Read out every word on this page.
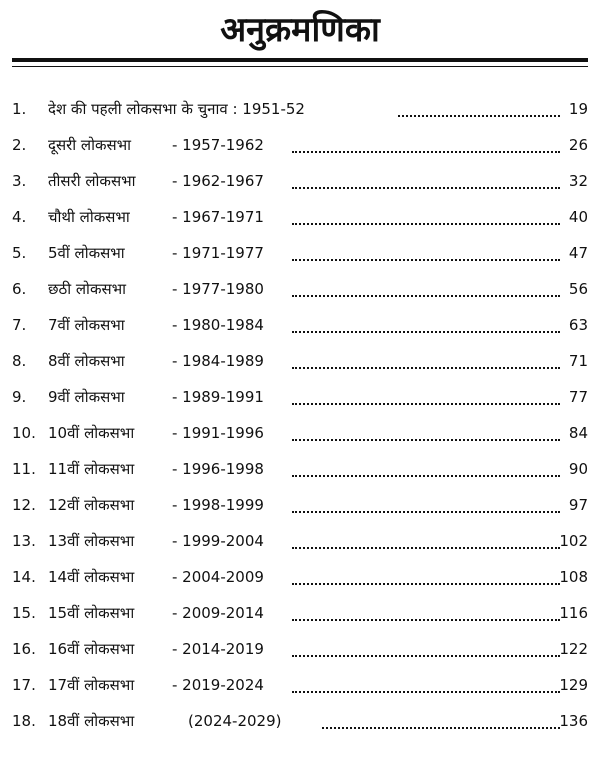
अनुक्रमणिका
1.	देश की पहली लोकसभा के चुनाव : 1951-52	19
2.	दूसरी लोकसभा	- 1957-1962	26
3.	तीसरी लोकसभा - 1962-1967	32
4.	चौथी लोकसभा	- 1967-1971	40
5.	5वीं लोकसभा	- 1971-1977	47
6.	छठी लोकसभा	- 1977-1980	56
7.	7वीं लोकसभा	- 1980-1984	63
8.	8वीं लोकसभा	- 1984-1989	71
9.	9वीं लोकसभा	- 1989-1991	77
10. 10वीं लोकसभा	- 1991-1996	84
11. 11वीं लोकसभा	- 1996-1998	90
12. 12वीं लोकसभा	- 1998-1999	97
13. 13वीं लोकसभा	- 1999-2004	102
14. 14वीं लोकसभा	- 2004-2009	108
15. 15वीं लोकसभा	- 2009-2014	116
16. 16वीं लोकसभा	- 2014-2019	122
17. 17वीं लोकसभा	- 2019-2024	129
18. 18वीं लोकसभा	(2024-2029)	136
